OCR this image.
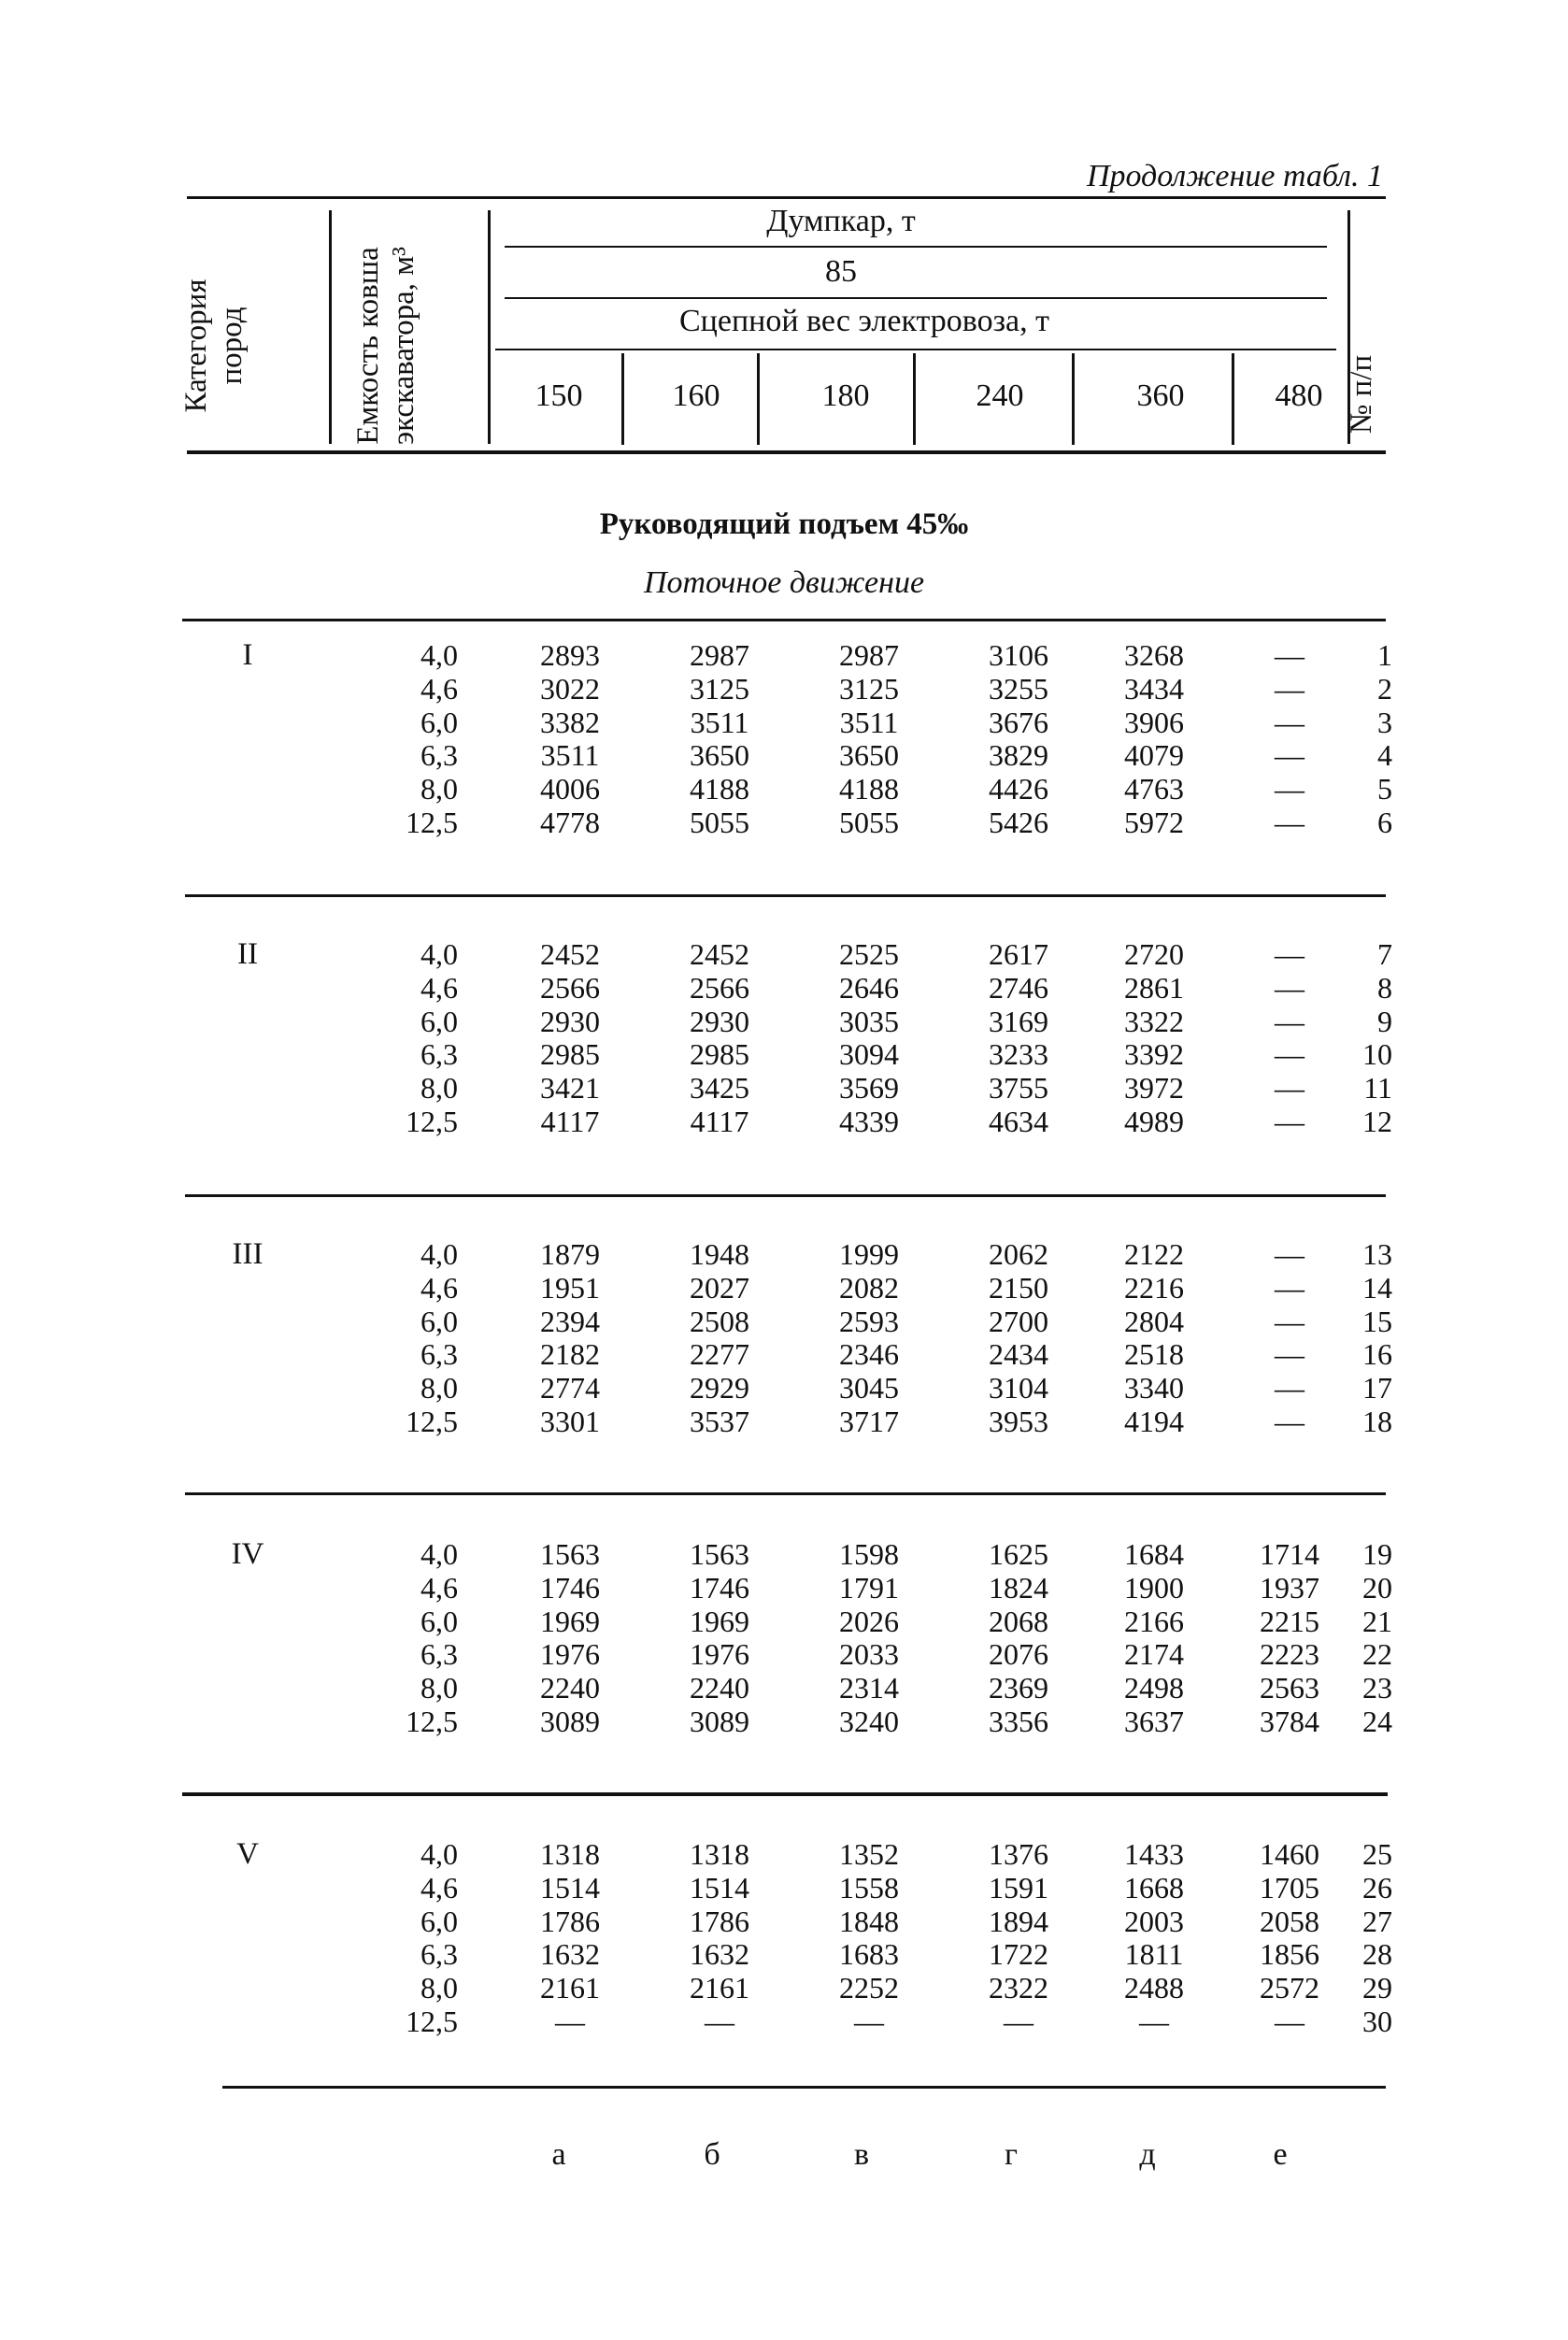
Продолжение табл. 1
Категория пород	Емкость ковша экскаватора, м³	№ п/п
Думпкар, т
85
Сцепной вес электровоза, т
150	160	180	240	360	480
Руководящий подъем 45‰
Поточное движение
I	4,0	2893	2987	2987	3106	3268	—	1
4,6	3022	3125	3125	3255	3434	—	2
6,0	3382	3511	3511	3676	3906	—	3
6,3	3511	3650	3650	3829	4079	—	4
8,0	4006	4188	4188	4426	4763	—	5
12,5	4778	5055	5055	5426	5972	—	6
II	4,0	2452	2452	2525	2617	2720	—	7
4,6	2566	2566	2646	2746	2861	—	8
6,0	2930	2930	3035	3169	3322	—	9
6,3	2985	2985	3094	3233	3392	—	10
8,0	3421	3425	3569	3755	3972	—	11
12,5	4117	4117	4339	4634	4989	—	12
III	4,0	1879	1948	1999	2062	2122	—	13
4,6	1951	2027	2082	2150	2216	—	14
6,0	2394	2508	2593	2700	2804	—	15
6,3	2182	2277	2346	2434	2518	—	16
8,0	2774	2929	3045	3104	3340	—	17
12,5	3301	3537	3717	3953	4194	—	18
IV	4,0	1563	1563	1598	1625	1684	1714	19
4,6	1746	1746	1791	1824	1900	1937	20
6,0	1969	1969	2026	2068	2166	2215	21
6,3	1976	1976	2033	2076	2174	2223	22
8,0	2240	2240	2314	2369	2498	2563	23
12,5	3089	3089	3240	3356	3637	3784	24
V	4,0	1318	1318	1352	1376	1433	1460	25
4,6	1514	1514	1558	1591	1668	1705	26
6,0	1786	1786	1848	1894	2003	2058	27
6,3	1632	1632	1683	1722	1811	1856	28
8,0	2161	2161	2252	2322	2488	2572	29
12,5	—	—	—	—	—	—	30
а	б	в	г	д	е
